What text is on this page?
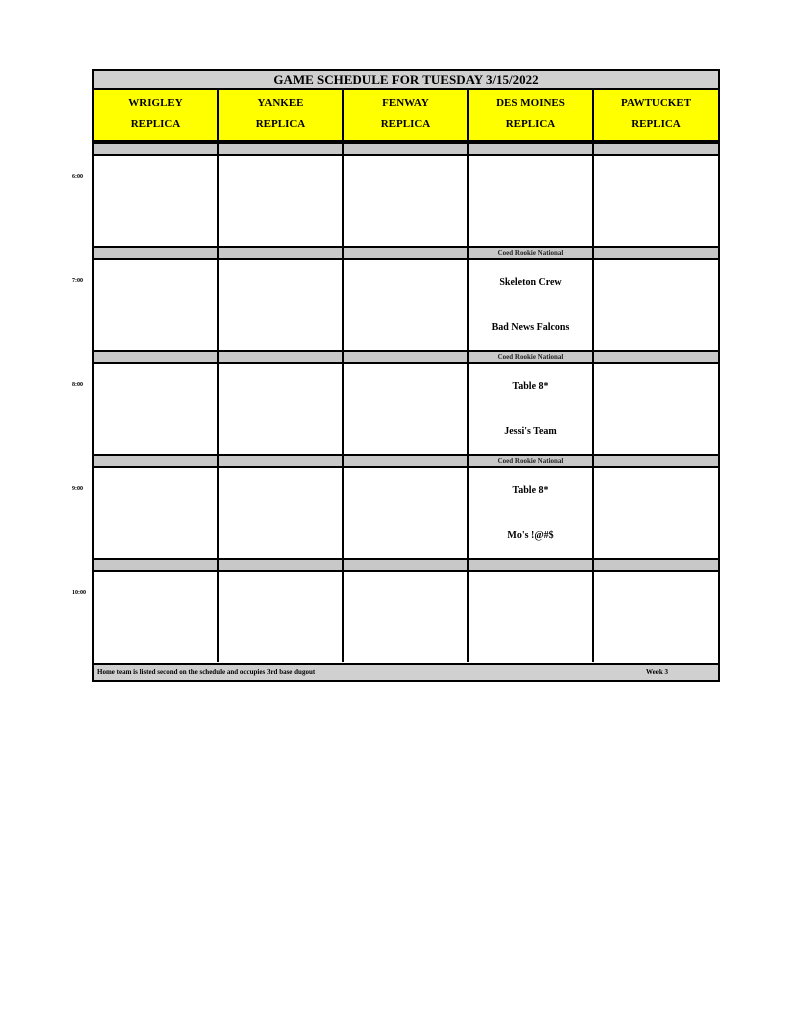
GAME SCHEDULE FOR TUESDAY 3/15/2022
WRIGLEY
REPLICA
YANKEE
REPLICA
FENWAY
REPLICA
DES MOINES
REPLICA
PAWTUCKET
REPLICA
Coed Rookie National
Skeleton Crew
Bad News Falcons
Coed Rookie National
Table 8*
Jessi's Team
Coed Rookie National
Table 8*
Mo's !@#$
Home team is listed second on the schedule and occupies 3rd base dugout	Week 3
6:00
7:00
8:00
9:00
10:00
